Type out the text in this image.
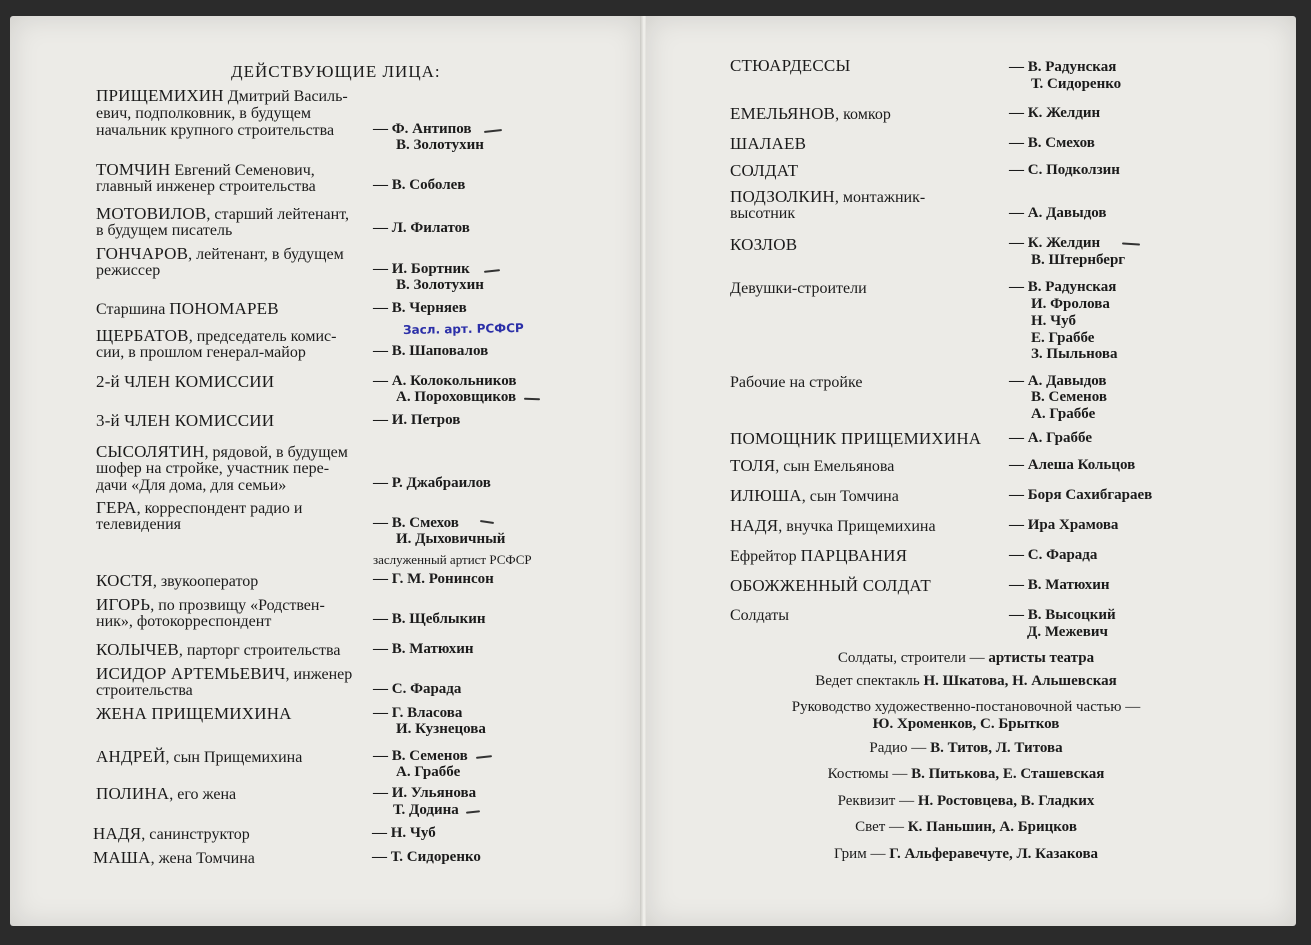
ДЕЙСТВУЮЩИЕ ЛИЦА:
ПРИЩЕМИХИН Дмитрий Василь-
евич, подполковник, в будущем
начальник крупного строительства	— Ф. Антипов
В. Золотухин
ТОМЧИН Евгений Семенович,
главный инженер строительства	— В. Соболев
МОТОВИЛОВ, старший лейтенант,
в будущем писатель	— Л. Филатов
ГОНЧАРОВ, лейтенант, в будущем
режиссер	— И. Бортник
В. Золотухин
Старшина ПОНОМАРЕВ	— В. Черняев
Засл. арт. РСФСР
ЩЕРБАТОВ, председатель комис-
сии, в прошлом генерал-майор	— В. Шаповалов
2-й ЧЛЕН КОМИССИИ	— А. Колокольников
А. Пороховщиков
3-й ЧЛЕН КОМИССИИ	— И. Петров
СЫСОЛЯТИН, рядовой, в будущем
шофер на стройке, участник пере-
дачи «Для дома, для семьи»	— Р. Джабраилов
ГЕРА, корреспондент радио и
телевидения	— В. Смехов
И. Дыховичный
заслуженный артист РСФСР
КОСТЯ, звукооператор	— Г. М. Ронинсон
ИГОРЬ, по прозвищу «Родствен-
ник», фотокорреспондент	— В. Щеблыкин
КОЛЫЧЕВ, парторг строительства — В. Матюхин
ИСИДОР АРТЕМЬЕВИЧ, инженер
строительства	— С. Фарада
ЖЕНА ПРИЩЕМИХИНА	— Г. Власова
И. Кузнецова
АНДРЕЙ, сын Прищемихина	— В. Семенов
А. Граббе
ПОЛИНА, его жена	— И. Ульянова
Т. Додина
НАДЯ, санинструктор	— Н. Чуб
МАША, жена Томчина	— Т. Сидоренко
СТЮАРДЕССЫ	— В. Радунская
Т. Сидоренко
ЕМЕЛЬЯНОВ, комкор	— К. Желдин
ШАЛАЕВ	— В. Смехов
СОЛДАТ	— С. Подколзин
ПОДЗОЛКИН, монтажник-
высотник	— А. Давыдов
КОЗЛОВ	— К. Желдин
В. Штернберг
Девушки-строители	— В. Радунская
И. Фролова
Н. Чуб
Е. Граббе
З. Пыльнова
Рабочие на стройке	— А. Давыдов
В. Семенов
А. Граббе
ПОМОЩНИК ПРИЩЕМИХИНА — А. Граббе
ТОЛЯ, сын Емельянова	— Алеша Кольцов
ИЛЮША, сын Томчина	— Боря Сахибгараев
НАДЯ, внучка Прищемихина	— Ира Храмова
Ефрейтор ПАРЦВАНИЯ	— С. Фарада
ОБОЖЖЕННЫЙ СОЛДАТ	— В. Матюхин
Солдаты	— В. Высоцкий
Д. Межевич
Солдаты, строители — артисты театра
Ведет спектакль Н. Шкатова, Н. Альшевская
Руководство художественно-постановочной частью —
Ю. Хроменков, С. Брытков
Радио — В. Титов, Л. Титова
Костюмы — В. Питькова, Е. Сташевская
Реквизит — Н. Ростовцева, В. Гладких
Свет — К. Паньшин, А. Брицков
Грим — Г. Альферавечуте, Л. Казакова
